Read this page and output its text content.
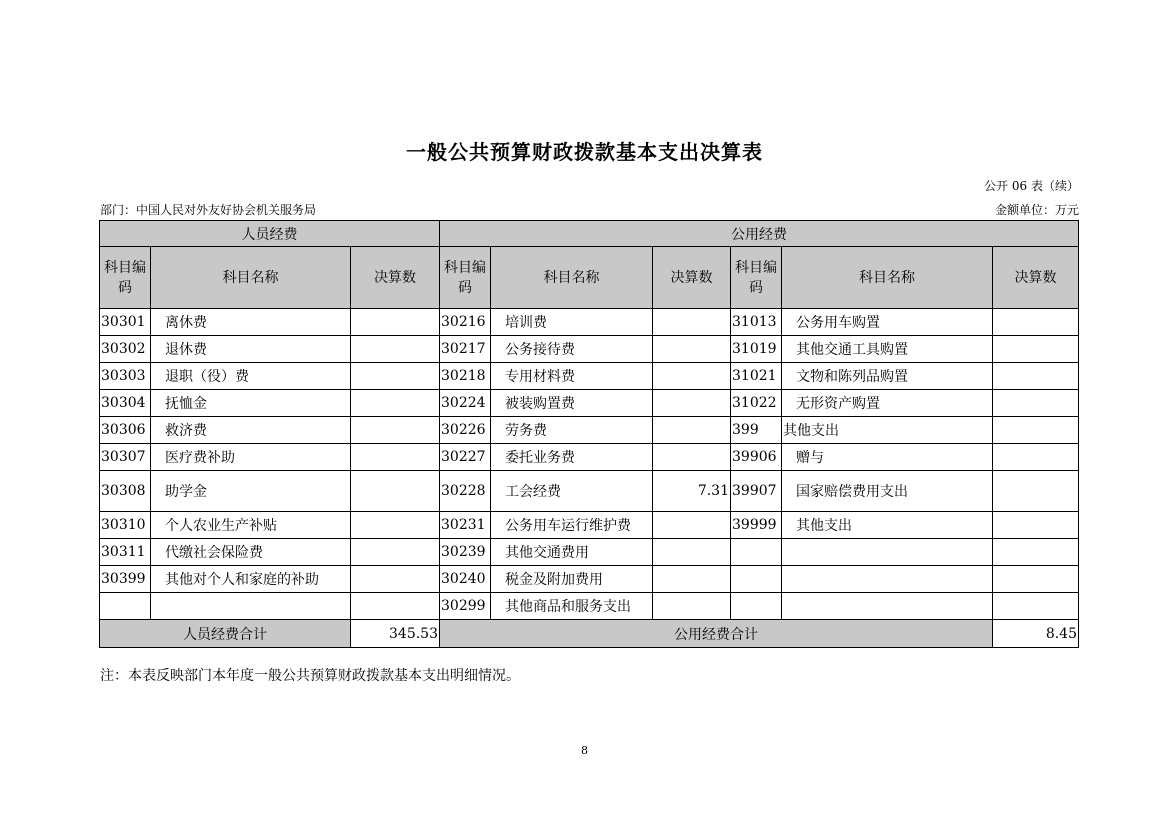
一般公共预算财政拨款基本支出决算表
公开 06 表（续）
部门：中国人民对外友好协会机关服务局	金额单位：万元
人员经费			公用经费					
科目编
码	科目名称	决算数	科目编
码	科目名称	决算数	科目编
码	科目名称	决算数
30301	离休费		30216	培训费		31013	公务用车购置	
30302	退休费		30217	公务接待费		31019	其他交通工具购置	
30303	退职（役）费		30218	专用材料费		31021	文物和陈列品购置	
30304	抚恤金		30224	被装购置费		31022	无形资产购置	
30306	救济费		30226	劳务费		399	其他支出	
30307	医疗费补助		30227	委托业务费		39906	赠与	
30308	助学金		30228	工会经费	7.31	39907	国家赔偿费用支出	
30310	个人农业生产补贴		30231	公务用车运行维护费		39999	其他支出	
30311	代缴社会保险费		30239	其他交通费用				
30399	其他对个人和家庭的补助		30240	税金及附加费用				
			30299	其他商品和服务支出				
人员经费合计		345.53	公用经费合计					8.45
注：本表反映部门本年度一般公共预算财政拨款基本支出明细情况。
8
